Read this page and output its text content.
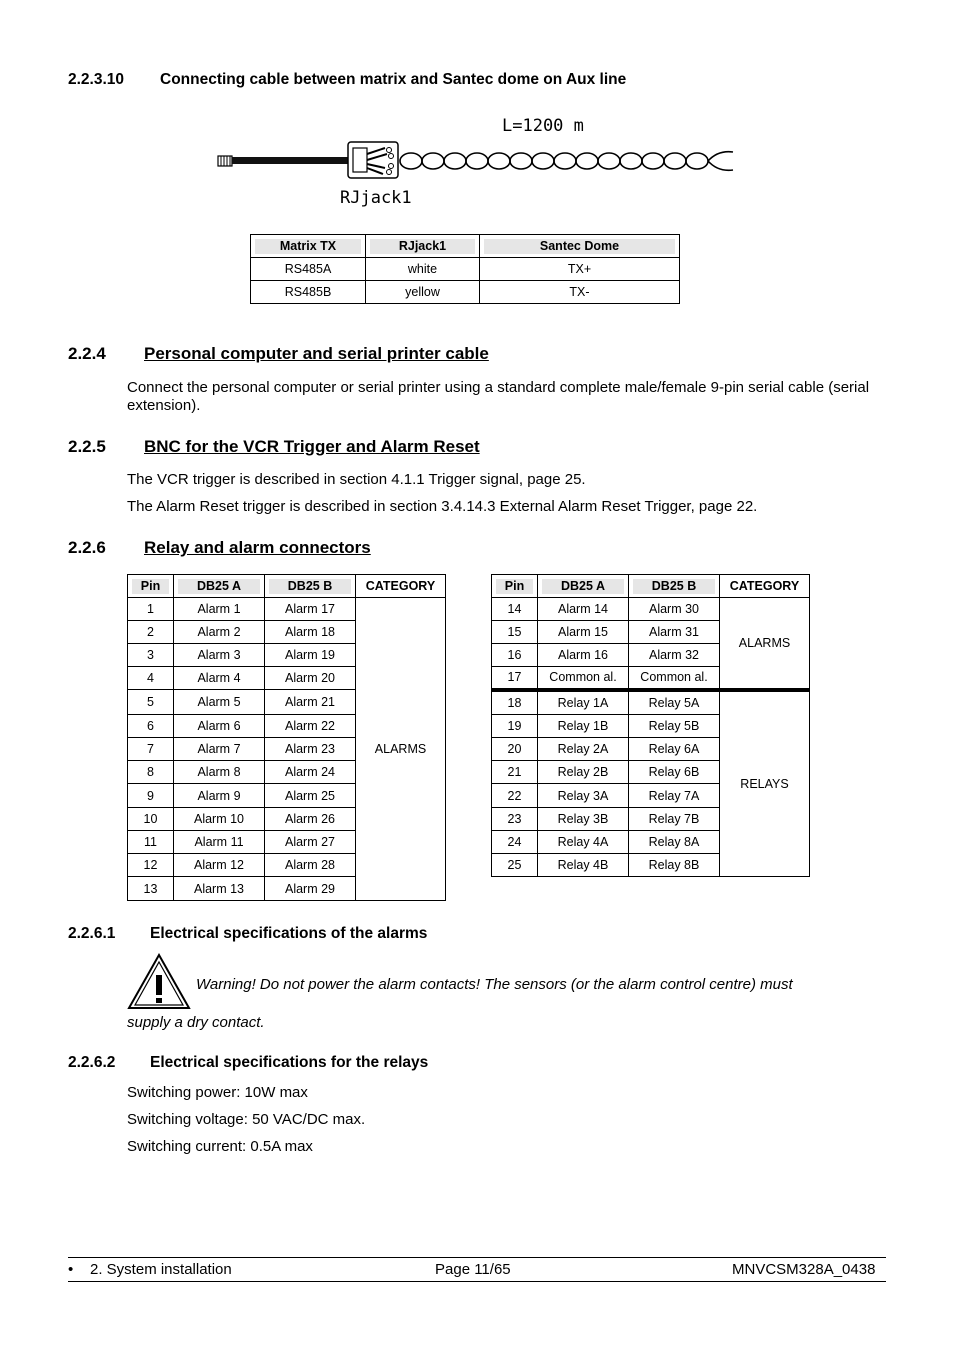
2.2.3.10 Connecting cable between matrix and Santec dome on Aux line
L=1200 m
RJjack1
Matrix TX	RJjack1	Santec Dome

RS485A	white	TX+
RS485B	yellow	TX-
2.2.4 Personal computer and serial printer cable
Connect the personal computer or serial printer using a standard complete male/female 9-pin serial cable (serial extension).
2.2.5 BNC for the VCR Trigger and Alarm Reset
The VCR trigger is described in section 4.1.1 Trigger signal, page 25.
The Alarm Reset trigger is described in section 3.4.14.3 External Alarm Reset Trigger, page 22.
2.2.6 Relay and alarm connectors
Pin	DB25 A	DB25 B	CATEGORY

1	Alarm 1	Alarm 17	ALARMS
2	Alarm 2	Alarm 18	
3	Alarm 3	Alarm 19	
4	Alarm 4	Alarm 20	
5	Alarm 5	Alarm 21	
6	Alarm 6	Alarm 22	
7	Alarm 7	Alarm 23	
8	Alarm 8	Alarm 24	
9	Alarm 9	Alarm 25	
10	Alarm 10	Alarm 26	
11	Alarm 11	Alarm 27	
12	Alarm 12	Alarm 28	
13	Alarm 13	Alarm 29	
Pin	DB25 A	DB25 B	CATEGORY

14	Alarm 14	Alarm 30	ALARMS
15	Alarm 15	Alarm 31	
16	Alarm 16	Alarm 32	
17	Common al.	Common al.	
18	Relay 1A	Relay 5A	RELAYS
19	Relay 1B	Relay 5B	
20	Relay 2A	Relay 6A	
21	Relay 2B	Relay 6B	
22	Relay 3A	Relay 7A	
23	Relay 3B	Relay 7B	
24	Relay 4A	Relay 8A	
25	Relay 4B	Relay 8B	
2.2.6.1 Electrical specifications of the alarms
Warning! Do not power the alarm contacts! The sensors (or the alarm control centre) must
supply a dry contact.
2.2.6.2 Electrical specifications for the relays
Switching power: 10W max
Switching voltage: 50 VAC/DC max.
Switching current: 0.5A max
• 2. System installation	Page 11/65	MNVCSM328A_0438
